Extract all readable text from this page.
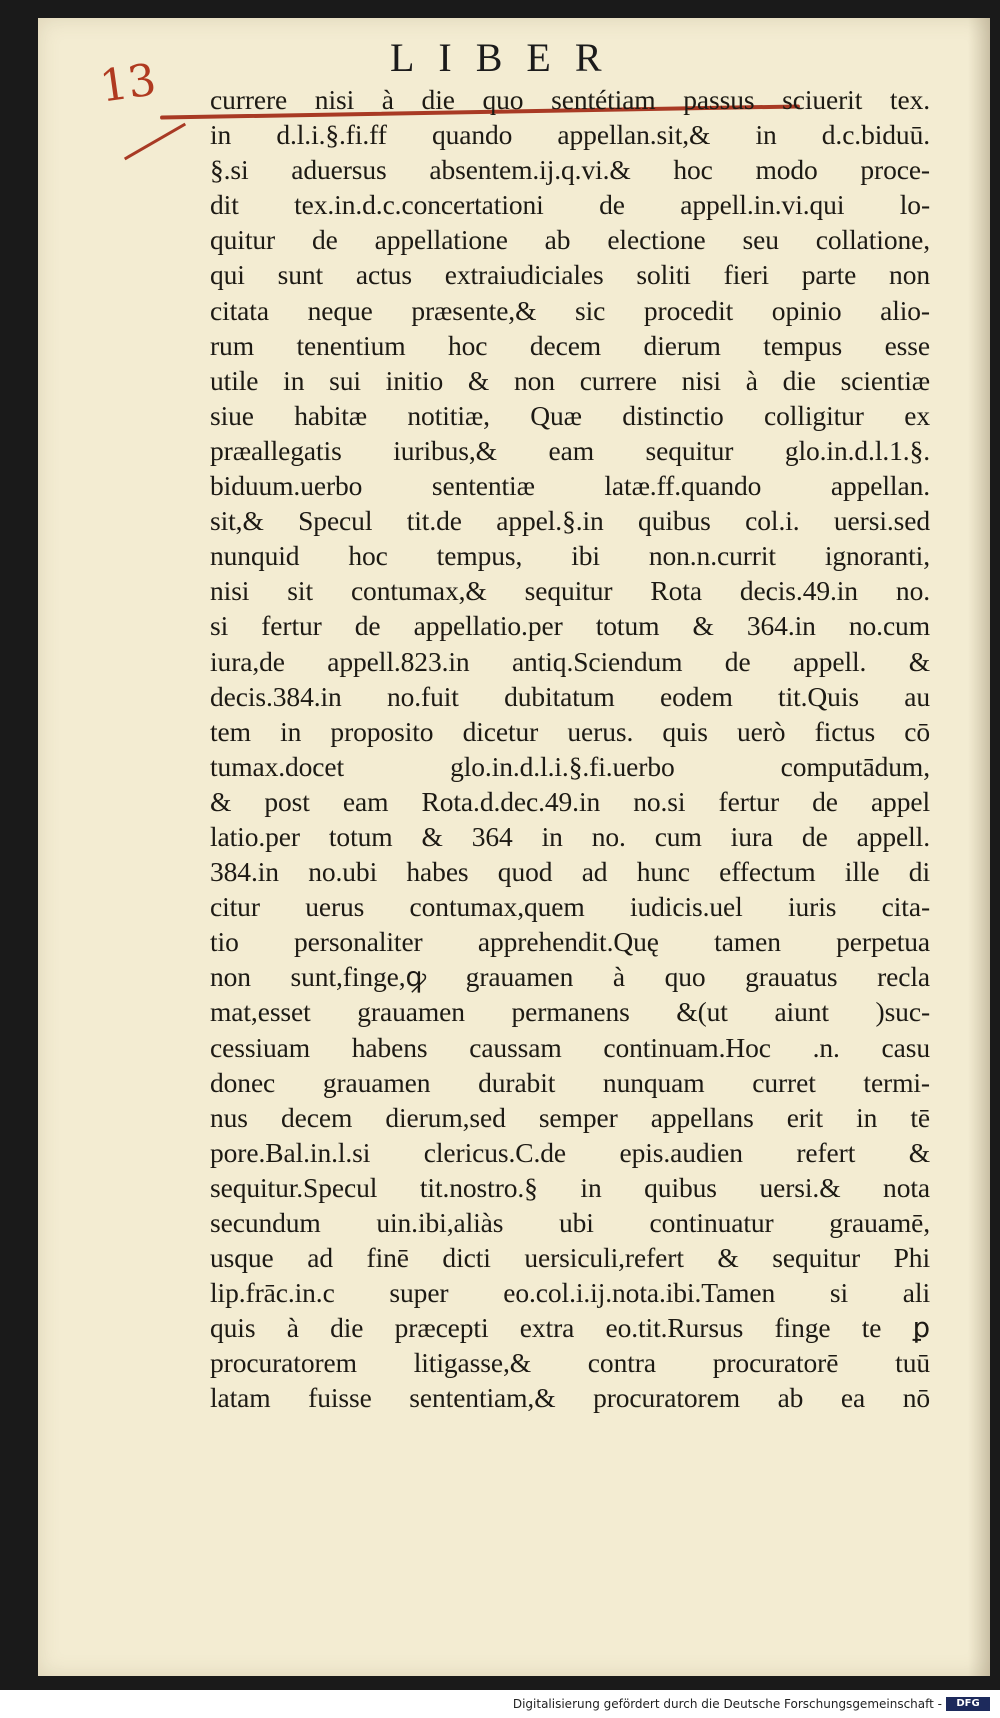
LIBER
13 currere nisi à die quo sentétiam passus sciuerit tex.
in d.l.i.§.fi.ff quando appellan.sit,& in d.c.biduū.
§.si aduersus absentem.ij.q.vi.& hoc modo proce-
dit tex.in.d.c.concertationi de appell.in.vi.qui lo-
quitur de appellatione ab electione seu collatione,
qui sunt actus extraiudiciales soliti fieri parte non
citata neque præsente,& sic procedit opinio alio-
rum tenentium hoc decem dierum tempus esse
utile in sui initio & non currere nisi à die scientiæ
siue habitæ notitiæ, Quæ distinctio colligitur ex
præallegatis iuribus,& eam sequitur glo.in.d.l.1.§.
biduum.uerbo sententiæ latæ.ff.quando appellan.
sit,& Specul tit.de appel.§.in quibus col.i. uersi.sed
nunquid hoc tempus, ibi non.n.currit ignoranti,
nisi sit contumax,& sequitur Rota decis.49.in no.
si fertur de appellatio.per totum & 364.in no.cum
iura,de appell.823.in antiq.Sciendum de appell. &
decis.384.in no.fuit dubitatum eodem tit.Quis au
tem in proposito dicetur uerus. quis uerò fictus cō
tumax.docet glo.in.d.l.i.§.fi.uerbo computādum,
& post eam Rota.d.dec.49.in no.si fertur de appel
latio.per totum & 364 in no. cum iura de appell.
384.in no.ubi habes quod ad hunc effectum ille di
citur uerus contumax,quem iudicis.uel iuris cita-
tio personaliter apprehendit.Quę tamen perpetua
non sunt,finge,ꝙ grauamen à quo grauatus recla
mat,esset grauamen permanens &(ut aiunt )suc-
cessiuam habens caussam continuam.Hoc .n. casu
donec grauamen durabit nunquam curret termi-
nus decem dierum,sed semper appellans erit in tē
pore.Bal.in.l.si clericus.C.de epis.audien refert &
sequitur.Specul tit.nostro.§ in quibus uersi.& nota
secundum uin.ibi,aliàs ubi continuatur grauamē,
usque ad finē dicti uersiculi,refert & sequitur Phi
lip.frāc.in.c super eo.col.i.ij.nota.ibi.Tamen si ali
quis à die præcepti extra eo.tit.Rursus finge te ꝑ
procuratorem litigasse,& contra procuratorē tuū
latam fuisse sententiam,& procuratorem ab ea nō
Digitalisierung gefördert durch die Deutsche Forschungsgemeinschaft -	DFG
